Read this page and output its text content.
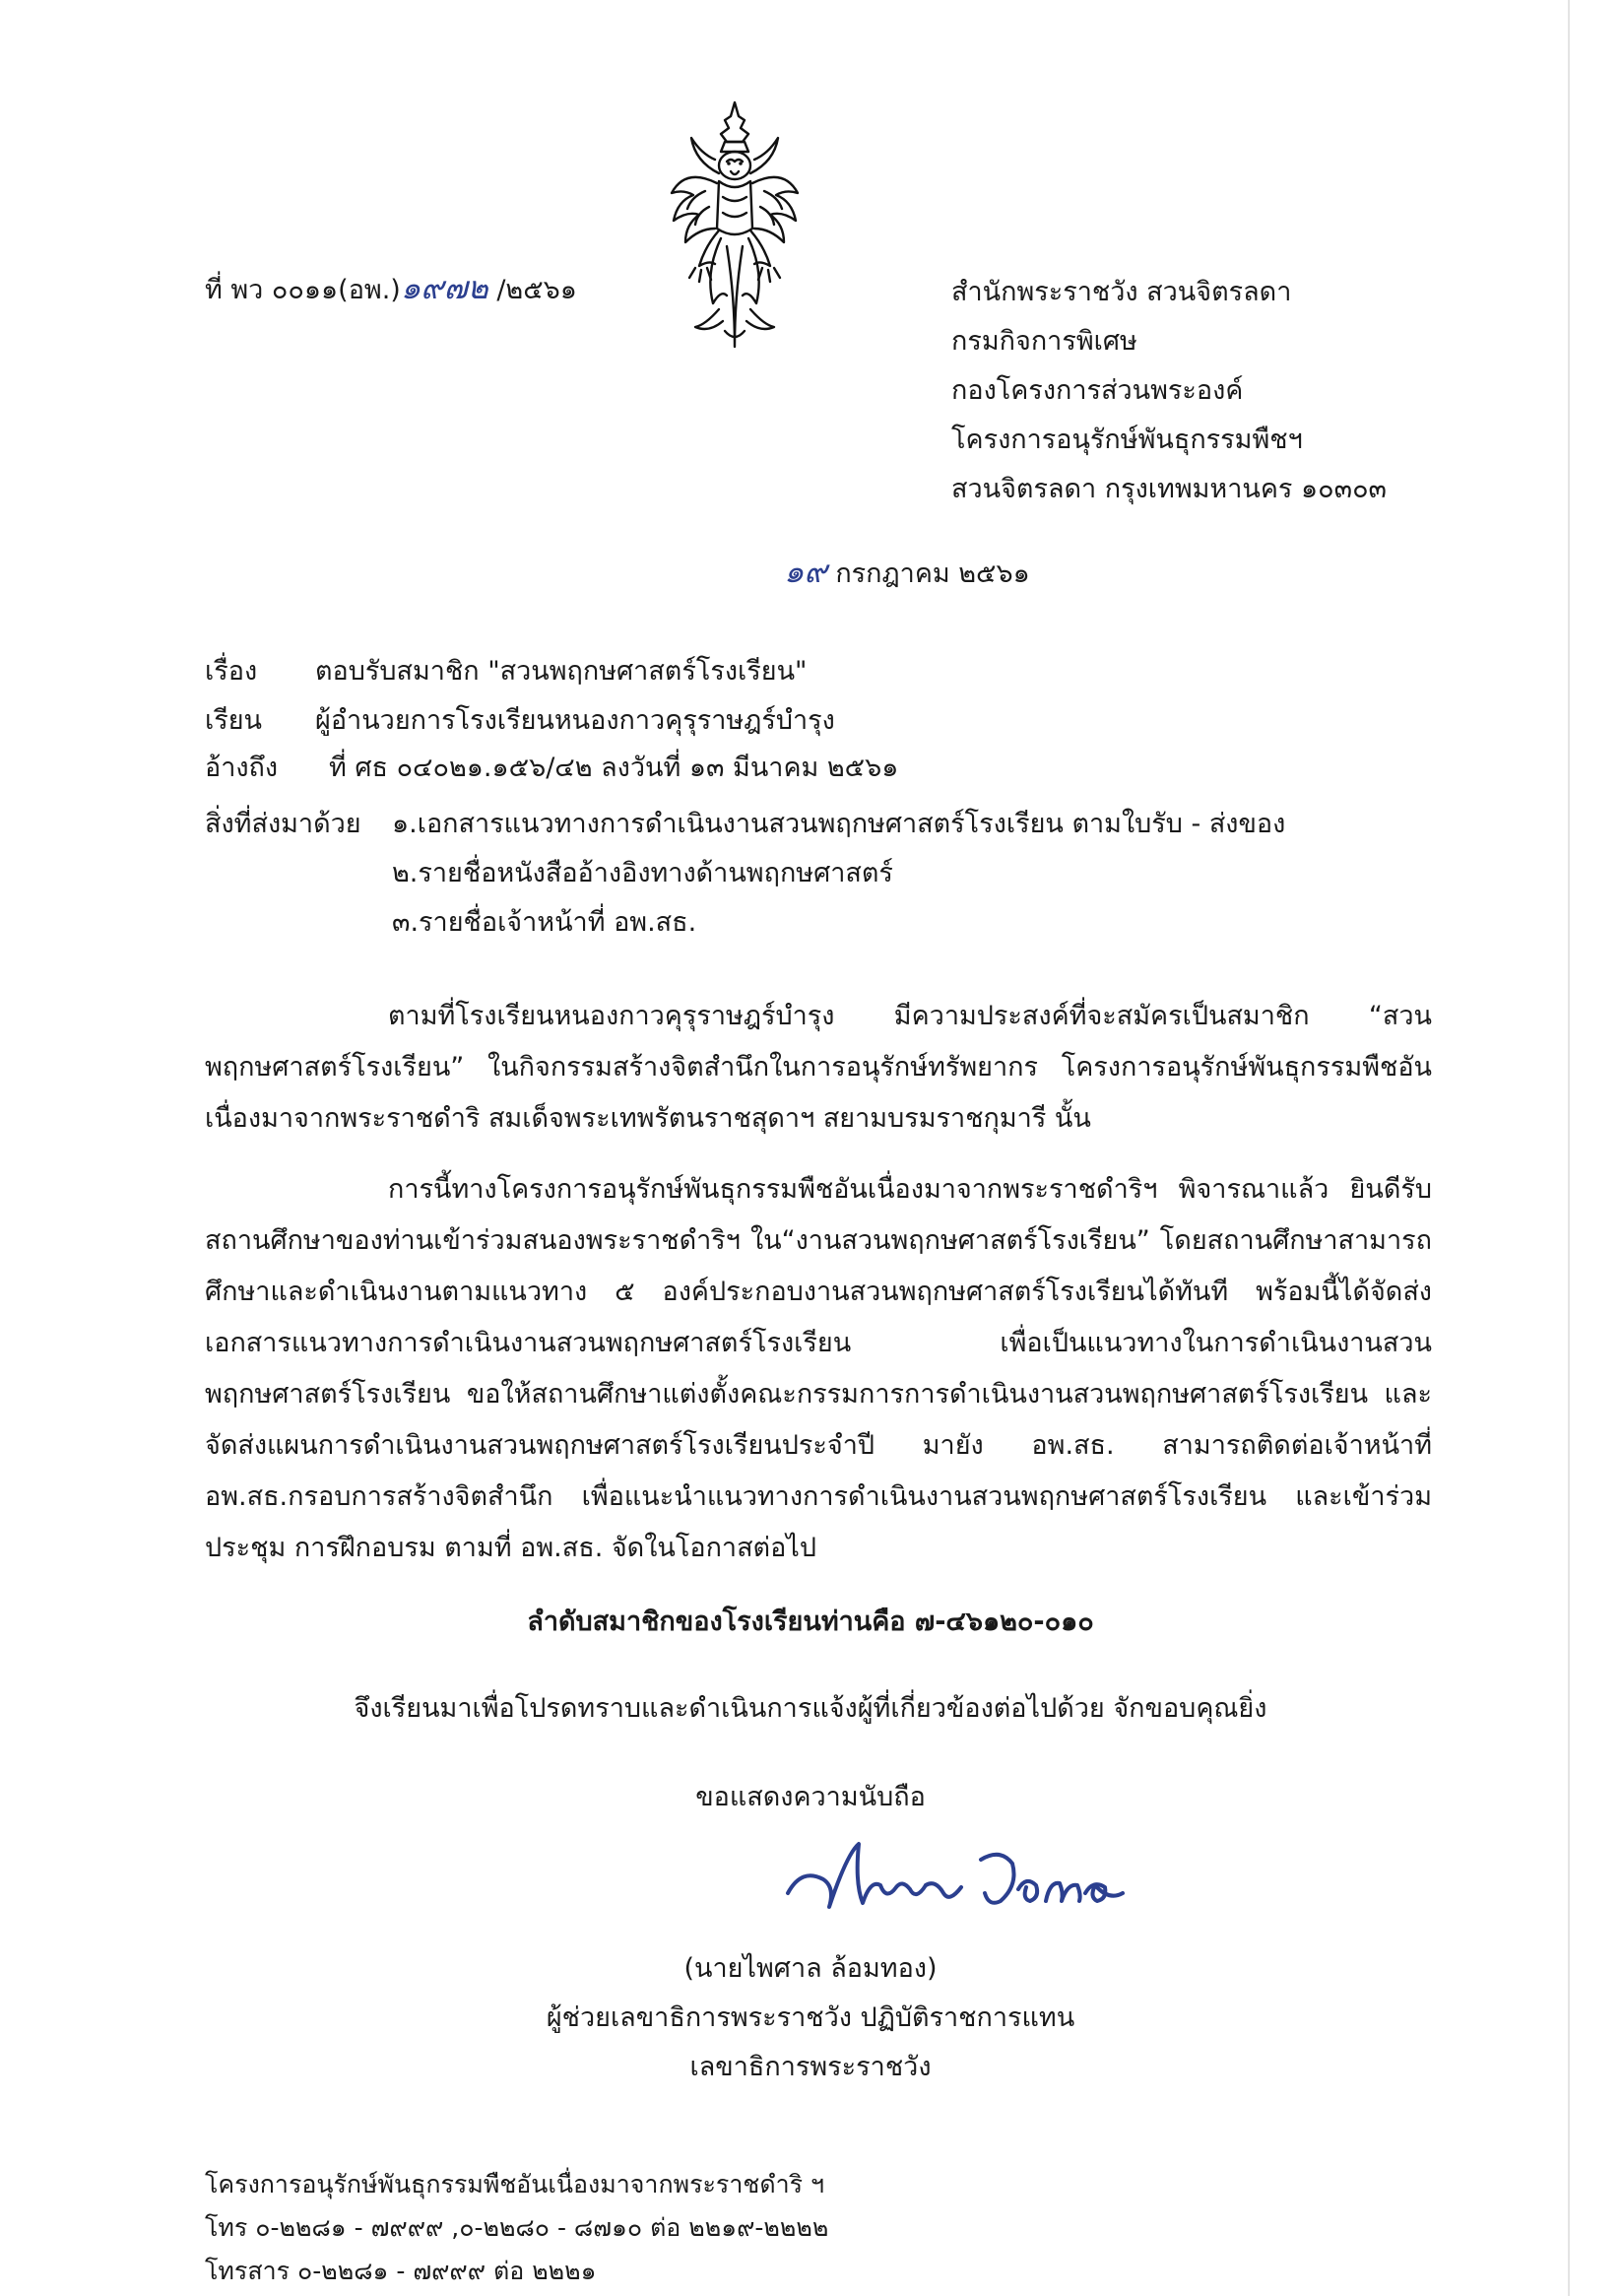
ที่ พว ๐๐๑๑(อพ.)๑๙๗๒ /๒๕๖๑	สำนักพระราชวัง สวนจิตรลดา
กรมกิจการพิเศษ
กองโครงการส่วนพระองค์
โครงการอนุรักษ์พันธุกรรมพืชฯ
สวนจิตรลดา กรุงเทพมหานคร ๑๐๓๐๓
๑๙ กรกฎาคม ๒๕๖๑
เรื่อง ตอบรับสมาชิก "สวนพฤกษศาสตร์โรงเรียน"
เรียน ผู้อำนวยการโรงเรียนหนองกาวคุรุราษฎร์บำรุง
อ้างถึง ที่ ศธ ๐๔๐๒๑.๑๕๖/๔๒ ลงวันที่ ๑๓ มีนาคม ๒๕๖๑
สิ่งที่ส่งมาด้วย ๑.เอกสารแนวทางการดำเนินงานสวนพฤกษศาสตร์โรงเรียน ตามใบรับ - ส่งของ
๒.รายชื่อหนังสืออ้างอิงทางด้านพฤกษศาสตร์
๓.รายชื่อเจ้าหน้าที่ อพ.สธ.
ตามที่โรงเรียนหนองกาวคุรุราษฎร์บำรุง มีความประสงค์ที่จะสมัครเป็นสมาชิก “สวนพฤกษศาสตร์โรงเรียน” ในกิจกรรมสร้างจิตสำนึกในการอนุรักษ์ทรัพยากร โครงการอนุรักษ์พันธุกรรมพืชอันเนื่องมาจากพระราชดำริ สมเด็จพระเทพรัตนราชสุดาฯ สยามบรมราชกุมารี นั้น
การนี้ทางโครงการอนุรักษ์พันธุกรรมพืชอันเนื่องมาจากพระราชดำริฯ พิจารณาแล้ว ยินดีรับสถานศึกษาของท่านเข้าร่วมสนองพระราชดำริฯ ใน“งานสวนพฤกษศาสตร์โรงเรียน” โดยสถานศึกษาสามารถศึกษาและดำเนินงานตามแนวทาง ๕ องค์ประกอบงานสวนพฤกษศาสตร์โรงเรียนได้ทันที พร้อมนี้ได้จัดส่งเอกสารแนวทางการดำเนินงานสวนพฤกษศาสตร์โรงเรียน เพื่อเป็นแนวทางในการดำเนินงานสวนพฤกษศาสตร์โรงเรียน ขอให้สถานศึกษาแต่งตั้งคณะกรรมการการดำเนินงานสวนพฤกษศาสตร์โรงเรียน และจัดส่งแผนการดำเนินงานสวนพฤกษศาสตร์โรงเรียนประจำปี มายัง อพ.สธ. สามารถติดต่อเจ้าหน้าที่ อพ.สธ.กรอบการสร้างจิตสำนึก เพื่อแนะนำแนวทางการดำเนินงานสวนพฤกษศาสตร์โรงเรียน และเข้าร่วมประชุม การฝึกอบรม ตามที่ อพ.สธ. จัดในโอกาสต่อไป
ลำดับสมาชิกของโรงเรียนท่านคือ ๗-๔๖๑๒๐-๐๑๐
จึงเรียนมาเพื่อโปรดทราบและดำเนินการแจ้งผู้ที่เกี่ยวข้องต่อไปด้วย จักขอบคุณยิ่ง
ขอแสดงความนับถือ
(นายไพศาล ล้อมทอง)
ผู้ช่วยเลขาธิการพระราชวัง ปฏิบัติราชการแทน
เลขาธิการพระราชวัง
โครงการอนุรักษ์พันธุกรรมพืชอันเนื่องมาจากพระราชดำริ ฯ
โทร ๐-๒๒๘๑ - ๗๙๙๙ ,๐-๒๒๘๐ - ๘๗๑๐ ต่อ ๒๒๑๙-๒๒๒๒
โทรสาร ๐-๒๒๘๑ - ๗๙๙๙ ต่อ ๒๒๒๑
